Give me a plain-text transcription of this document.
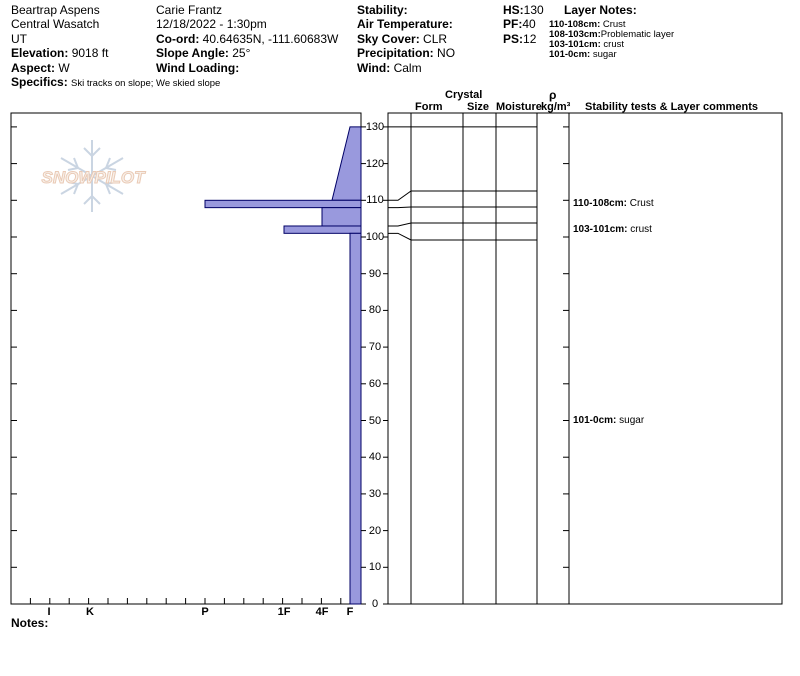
Beartrap Aspens
Central Wasatch
UT
Elevation: 9018 ft
Aspect: W
Specifics: Ski tracks on slope; We skied slope
Carie Frantz
12/18/2022 - 1:30pm
Co-ord: 40.64635N, -111.60683W
Slope Angle: 25°
Wind Loading:
Stability:
Air Temperature:
Sky Cover: CLR
Precipitation: NO
Wind: Calm
HS:130
PF:40
PS:12
Layer Notes:
110-108cm: Crust
108-103cm:Problematic layer
103-101cm: crust
101-0cm: sugar
Crystal
Form Size Moisture
ρ
kg/m³ Stability tests & Layer comments
SNOWPILOT
130
120
110
100
90
80
70
60
50
40
30
20
10
0
I	K	P	1F	4F	F
110-108cm: Crust
103-101cm: crust
101-0cm: sugar
Notes:
